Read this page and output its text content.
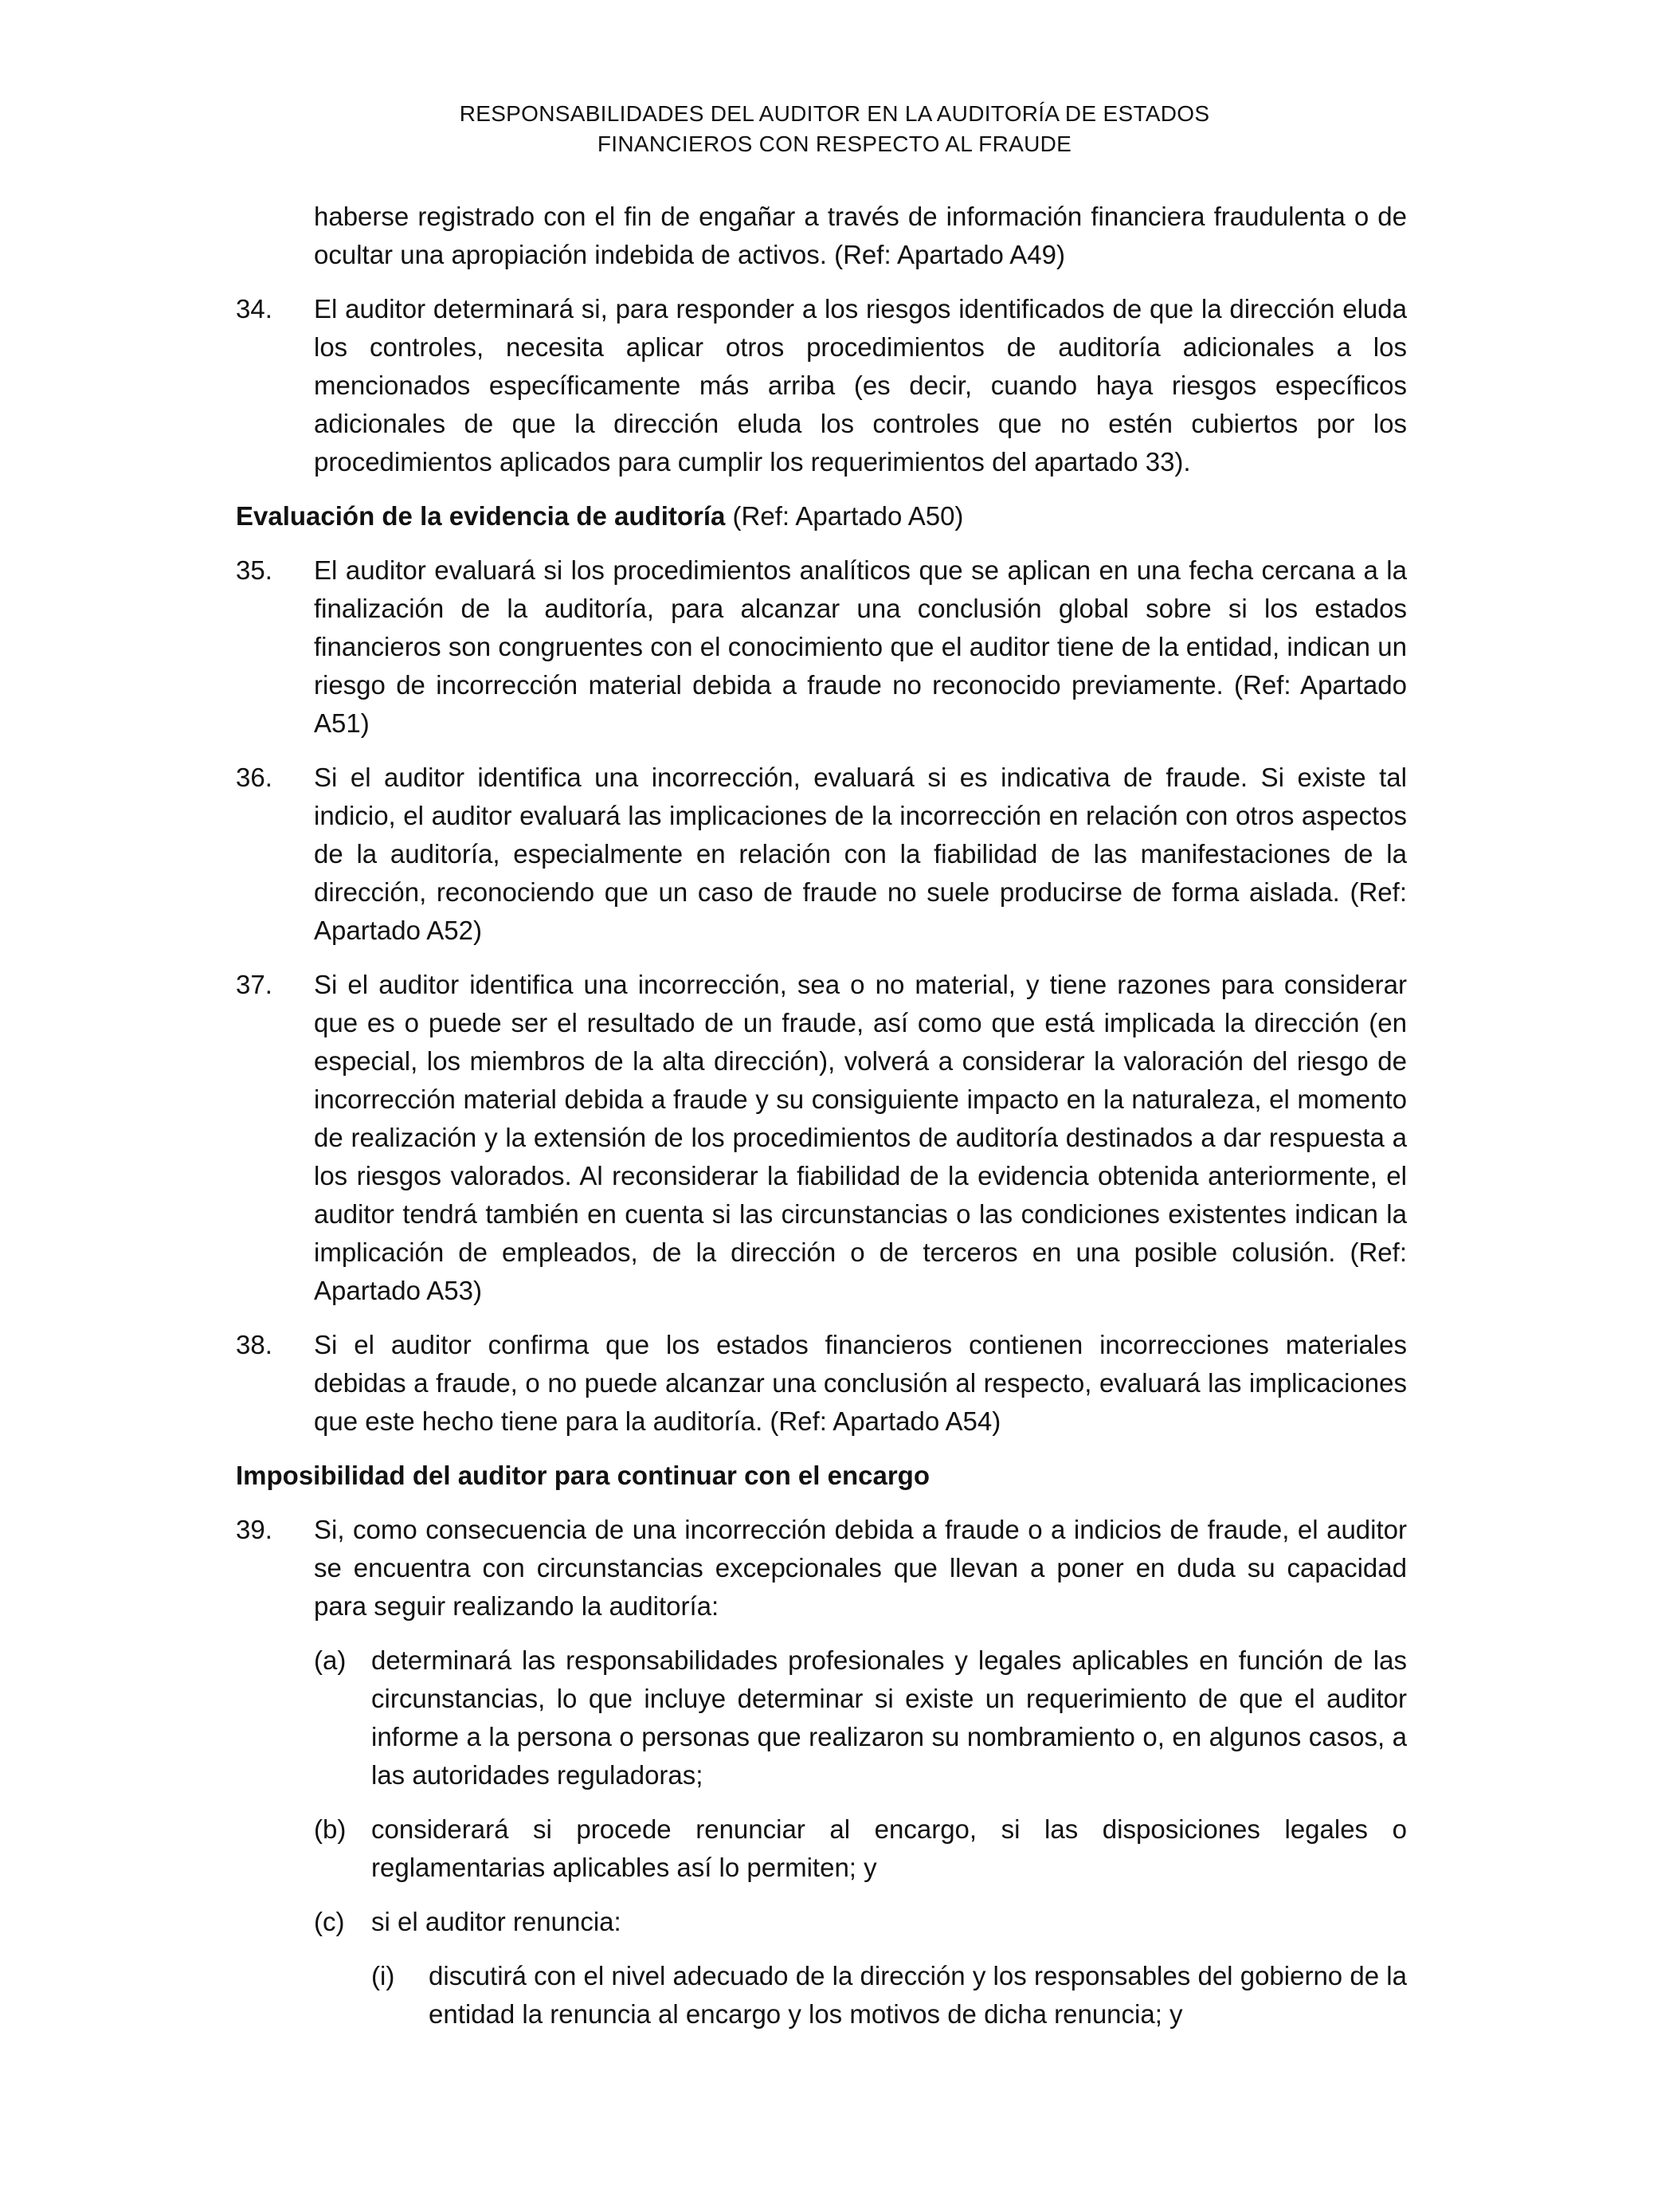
RESPONSABILIDADES DEL AUDITOR EN LA AUDITORÍA DE ESTADOS
FINANCIEROS CON RESPECTO AL FRAUDE
haberse registrado con el fin de engañar a través de información financiera fraudulenta o de ocultar una apropiación indebida de activos. (Ref: Apartado A49)
34.	El auditor determinará si, para responder a los riesgos identificados de que la dirección eluda los controles, necesita aplicar otros procedimientos de auditoría adicionales a los mencionados específicamente más arriba (es decir, cuando haya riesgos específicos adicionales de que la dirección eluda los controles que no estén cubiertos por los procedimientos aplicados para cumplir los requerimientos del apartado 33).
Evaluación de la evidencia de auditoría (Ref: Apartado A50)
35.	El auditor evaluará si los procedimientos analíticos que se aplican en una fecha cercana a la finalización de la auditoría, para alcanzar una conclusión global sobre si los estados financieros son congruentes con el conocimiento que el auditor tiene de la entidad, indican un riesgo de incorrección material debida a fraude no reconocido previamente. (Ref: Apartado A51)
36.	Si el auditor identifica una incorrección, evaluará si es indicativa de fraude. Si existe tal indicio, el auditor evaluará las implicaciones de la incorrección en relación con otros aspectos de la auditoría, especialmente en relación con la fiabilidad de las manifestaciones de la dirección, reconociendo que un caso de fraude no suele producirse de forma aislada. (Ref: Apartado A52)
37.	Si el auditor identifica una incorrección, sea o no material, y tiene razones para considerar que es o puede ser el resultado de un fraude, así como que está implicada la dirección (en especial, los miembros de la alta dirección), volverá a considerar la valoración del riesgo de incorrección material debida a fraude y su consiguiente impacto en la naturaleza, el momento de realización y la extensión de los procedimientos de auditoría destinados a dar respuesta a los riesgos valorados. Al reconsiderar la fiabilidad de la evidencia obtenida anteriormente, el auditor tendrá también en cuenta si las circunstancias o las condiciones existentes indican la implicación de empleados, de la dirección o de terceros en una posible colusión. (Ref: Apartado A53)
38.	Si el auditor confirma que los estados financieros contienen incorrecciones materiales debidas a fraude, o no puede alcanzar una conclusión al respecto, evaluará las implicaciones que este hecho tiene para la auditoría. (Ref: Apartado A54)
Imposibilidad del auditor para continuar con el encargo
39.	Si, como consecuencia de una incorrección debida a fraude o a indicios de fraude, el auditor se encuentra con circunstancias excepcionales que llevan a poner en duda su capacidad para seguir realizando la auditoría:
(a) determinará las responsabilidades profesionales y legales aplicables en función de las circunstancias, lo que incluye determinar si existe un requerimiento de que el auditor informe a la persona o personas que realizaron su nombramiento o, en algunos casos, a las autoridades reguladoras;
(b) considerará si procede renunciar al encargo, si las disposiciones legales o reglamentarias aplicables así lo permiten; y
(c)	si el auditor renuncia:
(i)	discutirá con el nivel adecuado de la dirección y los responsables del gobierno de la entidad la renuncia al encargo y los motivos de dicha renuncia; y
